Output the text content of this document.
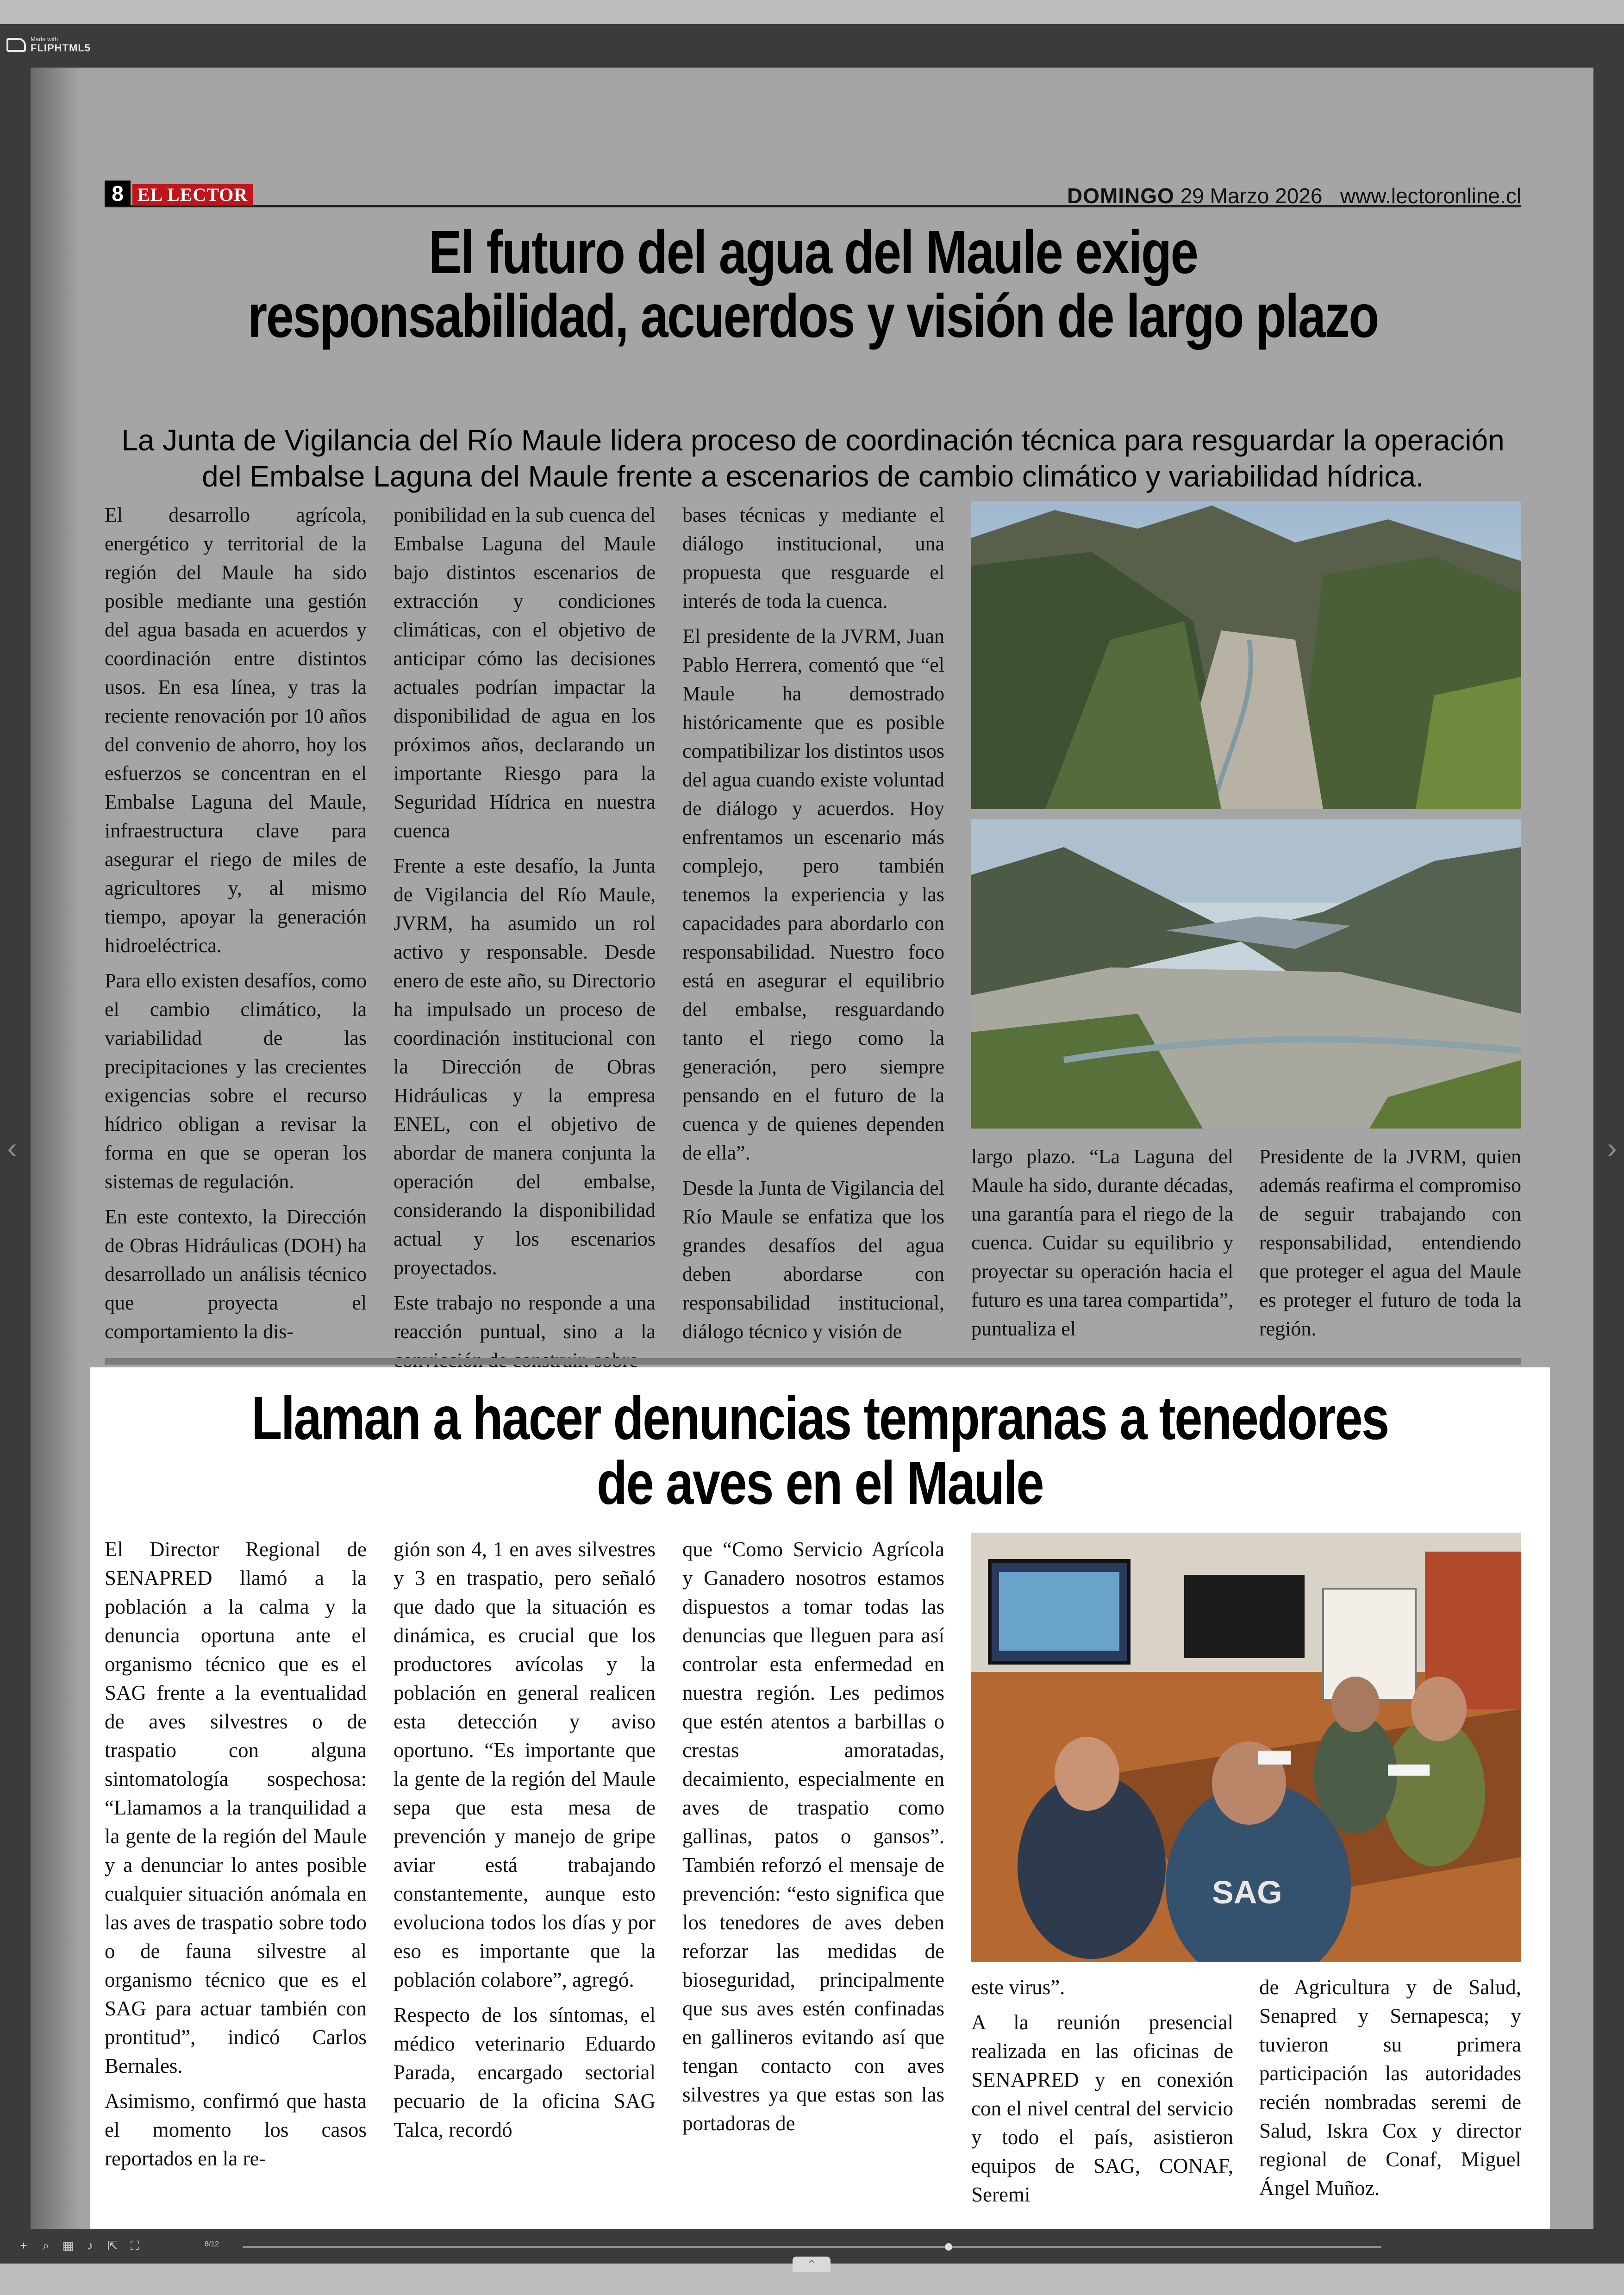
Made with
FLIPHTML5
‹	›
8 EL LECTOR	DOMINGO 29 Marzo 2026 www.lectoronline.cl
El futuro del agua del Maule exige responsabilidad, acuerdos y visión de largo plazo
La Junta de Vigilancia del Río Maule lidera proceso de coordinación técnica para resguardar la operación del Embalse Laguna del Maule frente a escenarios de cambio climático y variabilidad hídrica.

El desarrollo agrícola, energético y territorial de la región del Maule ha sido posible mediante una gestión del agua basada en acuerdos y coordinación entre distintos usos. En esa línea, y tras la reciente renovación por 10 años del convenio de ahorro, hoy los esfuerzos se concentran en el Embalse Laguna del Maule, infraestructura clave para asegurar el riego de miles de agricultores y, al mismo tiempo, apoyar la generación hidroeléctrica.

Para ello existen desafíos, como el cambio climático, la variabilidad de las precipitaciones y las crecientes exigencias sobre el recurso hídrico obligan a revisar la forma en que se operan los sistemas de regulación.

En este contexto, la Dirección de Obras Hidráulicas (DOH) ha desarrollado un análisis técnico que proyecta el comportamiento la dis-

ponibilidad en la sub cuenca del Embalse Laguna del Maule bajo distintos escenarios de extracción y condiciones climáticas, con el objetivo de anticipar cómo las decisiones actuales podrían impactar la disponibilidad de agua en los próximos años, declarando un importante Riesgo para la Seguridad Hídrica en nuestra cuenca

Frente a este desafío, la Junta de Vigilancia del Río Maule, JVRM, ha asumido un rol activo y responsable. Desde enero de este año, su Directorio ha impulsado un proceso de coordinación institucional con la Dirección de Obras Hidráulicas y la empresa ENEL, con el objetivo de abordar de manera conjunta la operación del embalse, considerando la disponibilidad actual y los escenarios proyectados.

Este trabajo no responde a una reacción puntual, sino a la

bases técnicas y mediante el diálogo institucional, una propuesta que resguarde el interés de toda la cuenca.

El presidente de la JVRM, Juan Pablo Herrera, comentó que “el Maule ha demostrado históricamente que es posible compatibilizar los distintos usos del agua cuando existe voluntad de diálogo y acuerdos. Hoy enfrentamos un escenario más complejo, pero también tenemos la experiencia y las capacidades para abordarlo con responsabilidad. Nuestro foco está en asegurar el equilibrio del embalse, resguardando tanto el riego como la generación, pero siempre pensando en el futuro de la cuenca y de quienes dependen de ella”.

Desde la Junta de Vigilancia del Río Maule se enfatiza que los grandes desafíos del agua deben abordarse con responsabilidad institucional, diálogo técnico y visión de

largo plazo. “La Laguna del Maule ha sido, durante décadas, una garantía para el riego de la cuenca. Cuidar su equilibrio y proyectar su operación hacia el futuro es una tarea compartida”, puntualiza el

Presidente de la JVRM, quien además reafirma el compromiso de seguir trabajando con responsabilidad, entendiendo que proteger el agua del Maule es proteger el futuro de toda la región.

Llaman a hacer denuncias tempranas a tenedores de aves en el Maule

El Director Regional de SENAPRED llamó a la población a la calma y la denuncia oportuna ante el organismo técnico que es el SAG frente a la eventualidad de aves silvestres o de traspatio con alguna sintomatología sospechosa: “Llamamos a la tranquilidad a la gente de la región del Maule y a denunciar lo antes posible cualquier situación anómala en las aves de traspatio sobre todo o de fauna silvestre al organismo técnico que es el SAG para actuar también con prontitud”, indicó Carlos Bernales.

Asimismo, confirmó que hasta el momento los casos reportados en la re-

gión son 4, 1 en aves silvestres y 3 en traspatio, pero señaló que dado que la situación es dinámica, es crucial que los productores avícolas y la población en general realicen esta detección y aviso oportuno. “Es importante que la gente de la región del Maule sepa que esta mesa de prevención y manejo de gripe aviar está trabajando constantemente, aunque esto evoluciona todos los días y por eso es importante que la población colabore”, agregó.

Respecto de los síntomas, el médico veterinario Eduardo Parada, encargado sectorial pecuario de la oficina SAG Talca, recordó

que “Como Servicio Agrícola y Ganadero nosotros estamos dispuestos a tomar todas las denuncias que lleguen para así controlar esta enfermedad en nuestra región. Les pedimos que estén atentos a barbillas o crestas amoratadas, decaimiento, especialmente en aves de traspatio como gallinas, patos o gansos”. También reforzó el mensaje de prevención: “esto significa que los tenedores de aves deben reforzar las medidas de bioseguridad, principalmente que sus aves estén confinadas en gallineros evitando así que tengan contacto con aves silvestres ya que estas son las portadoras de

este virus”.

A la reunión presencial realizada en las oficinas de SENAPRED y en conexión con el nivel central del servicio y todo el país, asistieron equipos de SAG, CONAF, Seremi

de Agricultura y de Salud, Senapred y Sernapesca; y tuvieron su primera participación las autoridades recién nombradas seremi de Salud, Iskra Cox y director regional de Conaf, Miguel Ángel Muñoz.

SAG
+ ⌕ ▦	♪	⇱ ⛶	8/12
⌃
